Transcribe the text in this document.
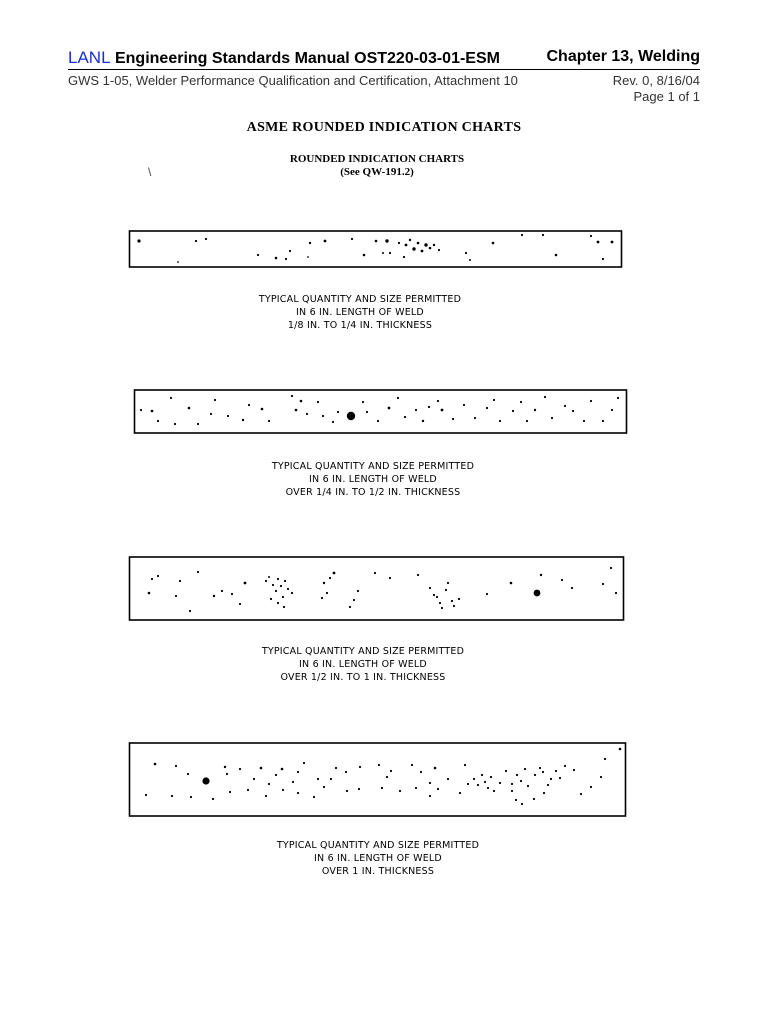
LANL Engineering Standards Manual OST220-03-01-ESM	Chapter 13, Welding
GWS 1-05, Welder Performance Qualification and Certification, Attachment 10	Rev. 0, 8/16/04
Page 1 of 1
ASME ROUNDED INDICATION CHARTS
ROUNDED INDICATION CHARTS
(See QW-191.2)
\
TYPICAL QUANTITY AND SIZE PERMITTED
IN 6 IN. LENGTH OF WELD
1/8 IN. TO 1/4 IN. THICKNESS
TYPICAL QUANTITY AND SIZE PERMITTED
IN 6 IN. LENGTH OF WELD
OVER 1/4 IN. TO 1/2 IN. THICKNESS
TYPICAL QUANTITY AND SIZE PERMITTED
IN 6 IN. LENGTH OF WELD
OVER 1/2 IN. TO 1 IN. THICKNESS
TYPICAL QUANTITY AND SIZE PERMITTED
IN 6 IN. LENGTH OF WELD
OVER 1 IN. THICKNESS
